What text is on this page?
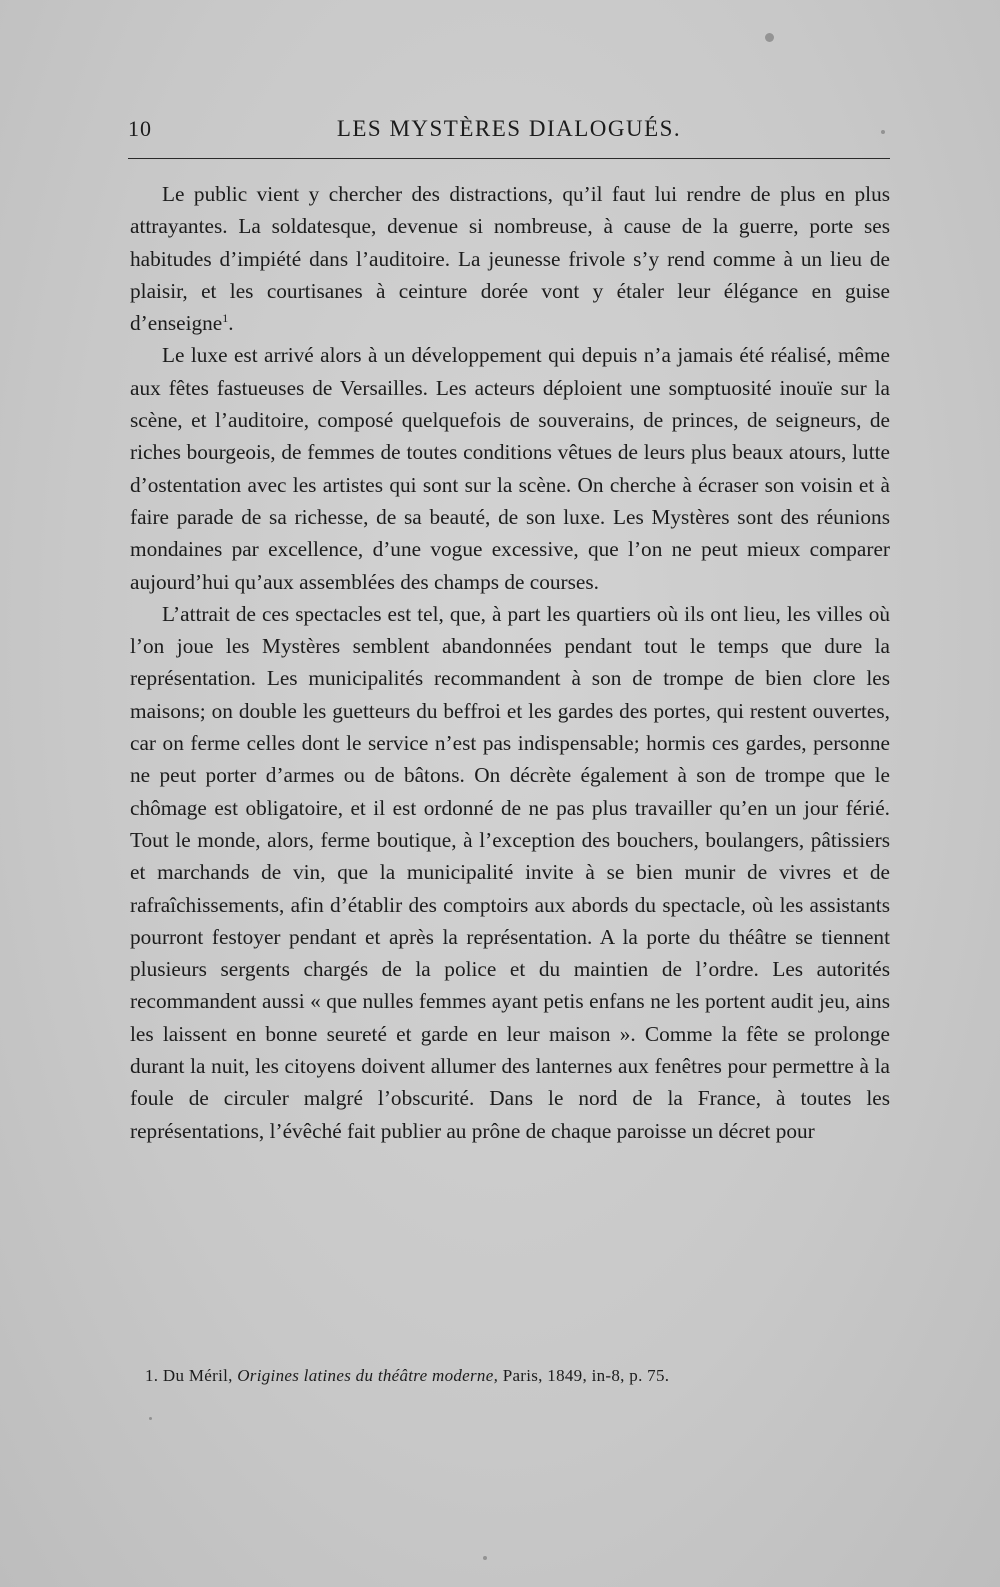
10	LES MYSTÈRES DIALOGUÉS.

Le public vient y chercher des distractions, qu’il faut lui rendre de plus en plus attrayantes. La soldatesque, devenue si nombreuse, à cause de la guerre, porte ses habitudes d’impiété dans l’auditoire. La jeunesse frivole s’y rend comme à un lieu de plaisir, et les courtisanes à ceinture dorée vont y étaler leur élégance en guise d’enseigne$^1$.

Le luxe est arrivé alors à un développement qui depuis n’a jamais été réalisé, même aux fêtes fastueuses de Versailles. Les acteurs déploient une somptuosité inouïe sur la scène, et l’auditoire, composé quelquefois de souverains, de princes, de seigneurs, de riches bourgeois, de femmes de toutes conditions vêtues de leurs plus beaux atours, lutte d’ostentation avec les artistes qui sont sur la scène. On cherche à écraser son voisin et à faire parade de sa richesse, de sa beauté, de son luxe. Les Mystères sont des réunions mondaines par excellence, d’une vogue excessive, que l’on ne peut mieux comparer aujourd’hui qu’aux assemblées des champs de courses.

L’attrait de ces spectacles est tel, que, à part les quartiers où ils ont lieu, les villes où l’on joue les Mystères semblent abandonnées pendant tout le temps que dure la représentation. Les municipalités recommandent à son de trompe de bien clore les maisons; on double les guetteurs du beffroi et les gardes des portes, qui restent ouvertes, car on ferme celles dont le service n’est pas indispensable; hormis ces gardes, personne ne peut porter d’armes ou de bâtons. On décrète également à son de trompe que le chômage est obligatoire, et il est ordonné de ne pas plus travailler qu’en un jour férié. Tout le monde, alors, ferme boutique, à l’exception des bouchers, boulangers, pâtissiers et marchands de vin, que la municipalité invite à se bien munir de vivres et de rafraîchissements, afin d’établir des comptoirs aux abords du spectacle, où les assistants pourront festoyer pendant et après la représentation. A la porte du théâtre se tiennent plusieurs sergents chargés de la police et du maintien de l’ordre. Les autorités recommandent aussi « que nulles femmes ayant petis enfans ne les portent audit jeu, ains les laissent en bonne seureté et garde en leur maison ». Comme la fête se prolonge durant la nuit, les citoyens doivent allumer des lanternes aux fenêtres pour permettre à la foule de circuler malgré l’obscurité. Dans le nord de la France, à toutes les représentations, l’évêché fait publier au prône de chaque paroisse un décret pour

1. Du Méril, Origines latines du théâtre moderne, Paris, 1849, in-8, p. 75.
